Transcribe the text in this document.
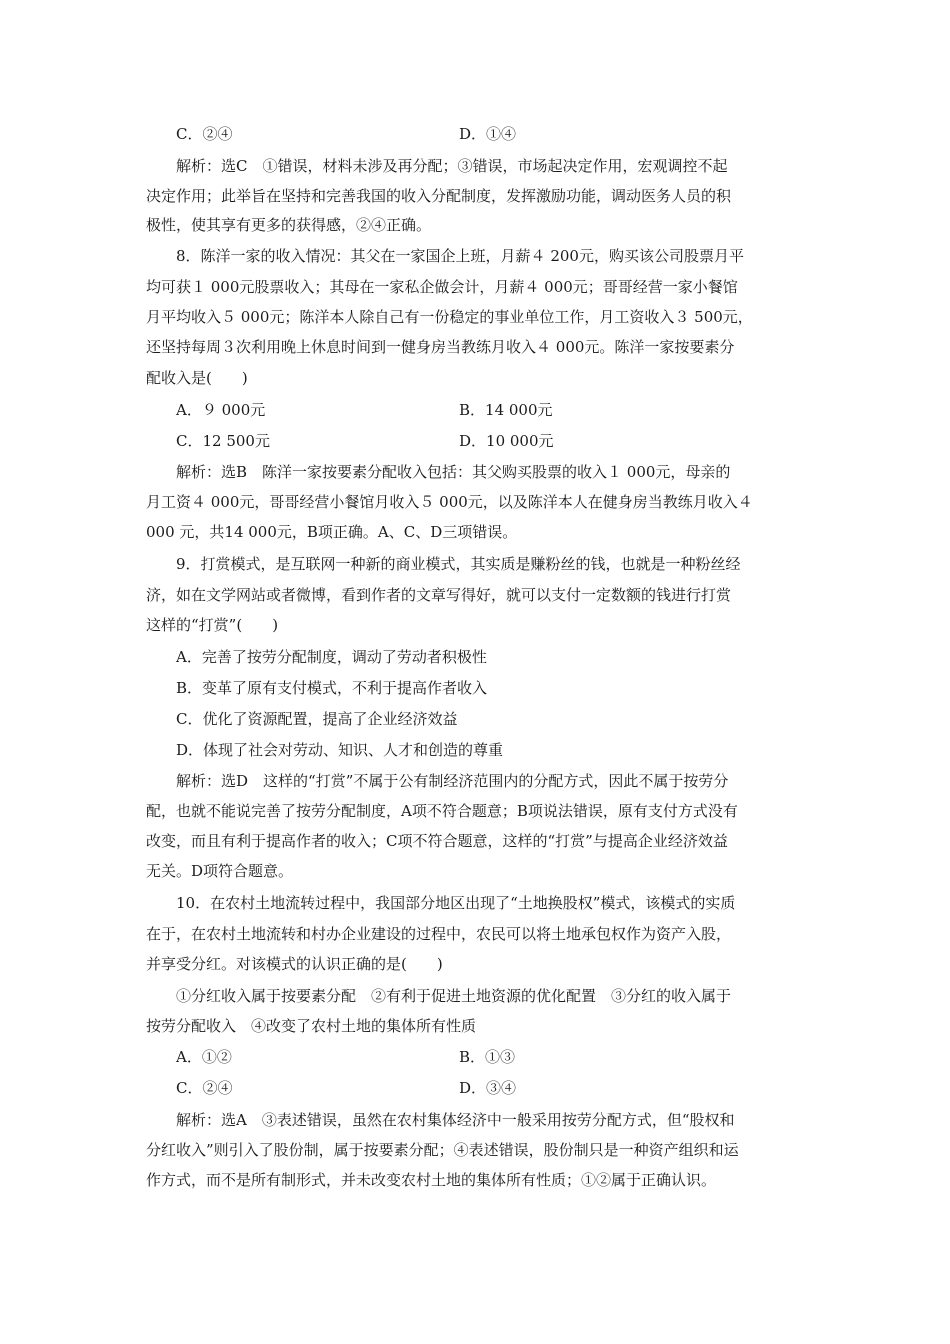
C．②④	D．①④
解析：选C　①错误，材料未涉及再分配；③错误，市场起决定作用，宏观调控不起
决定作用；此举旨在坚持和完善我国的收入分配制度，发挥激励功能，调动医务人员的积
极性，使其享有更多的获得感，②④正确。
8．陈洋一家的收入情况：其父在一家国企上班，月薪４ 200元，购买该公司股票月平
均可获１ 000元股票收入；其母在一家私企做会计，月薪４ 000元；哥哥经营一家小餐馆
月平均收入５ 000元；陈洋本人除自己有一份稳定的事业单位工作，月工资收入３ 500元，
还坚持每周３次利用晚上休息时间到一健身房当教练月收入４ 000元。陈洋一家按要素分
配收入是(　　)
A．９ 000元	B．14 000元
C．12 500元	D．10 000元
解析：选B　陈洋一家按要素分配收入包括：其父购买股票的收入１ 000元，母亲的
月工资４ 000元，哥哥经营小餐馆月收入５ 000元，以及陈洋本人在健身房当教练月收入４
000 元，共14 000元，B项正确。A、C、D三项错误。
9．打赏模式，是互联网一种新的商业模式，其实质是赚粉丝的钱，也就是一种粉丝经
济，如在文学网站或者微博，看到作者的文章写得好，就可以支付一定数额的钱进行打赏
这样的“打赏”(　　)
A．完善了按劳分配制度，调动了劳动者积极性
B．变革了原有支付模式，不利于提高作者收入
C．优化了资源配置，提高了企业经济效益
D．体现了社会对劳动、知识、人才和创造的尊重
解析：选D　这样的“打赏”不属于公有制经济范围内的分配方式，因此不属于按劳分
配，也就不能说完善了按劳分配制度，A项不符合题意；B项说法错误，原有支付方式没有
改变，而且有利于提高作者的收入；C项不符合题意，这样的“打赏”与提高企业经济效益
无关。D项符合题意。
10．在农村土地流转过程中，我国部分地区出现了“土地换股权”模式，该模式的实质
在于，在农村土地流转和村办企业建设的过程中，农民可以将土地承包权作为资产入股，
并享受分红。对该模式的认识正确的是(　　)
①分红收入属于按要素分配　②有利于促进土地资源的优化配置　③分红的收入属于
按劳分配收入　④改变了农村土地的集体所有性质
A．①②	B．①③
C．②④	D．③④
解析：选A　③表述错误，虽然在农村集体经济中一般采用按劳分配方式，但“股权和
分红收入”则引入了股份制，属于按要素分配；④表述错误，股份制只是一种资产组织和运
作方式，而不是所有制形式，并未改变农村土地的集体所有性质；①②属于正确认识。
